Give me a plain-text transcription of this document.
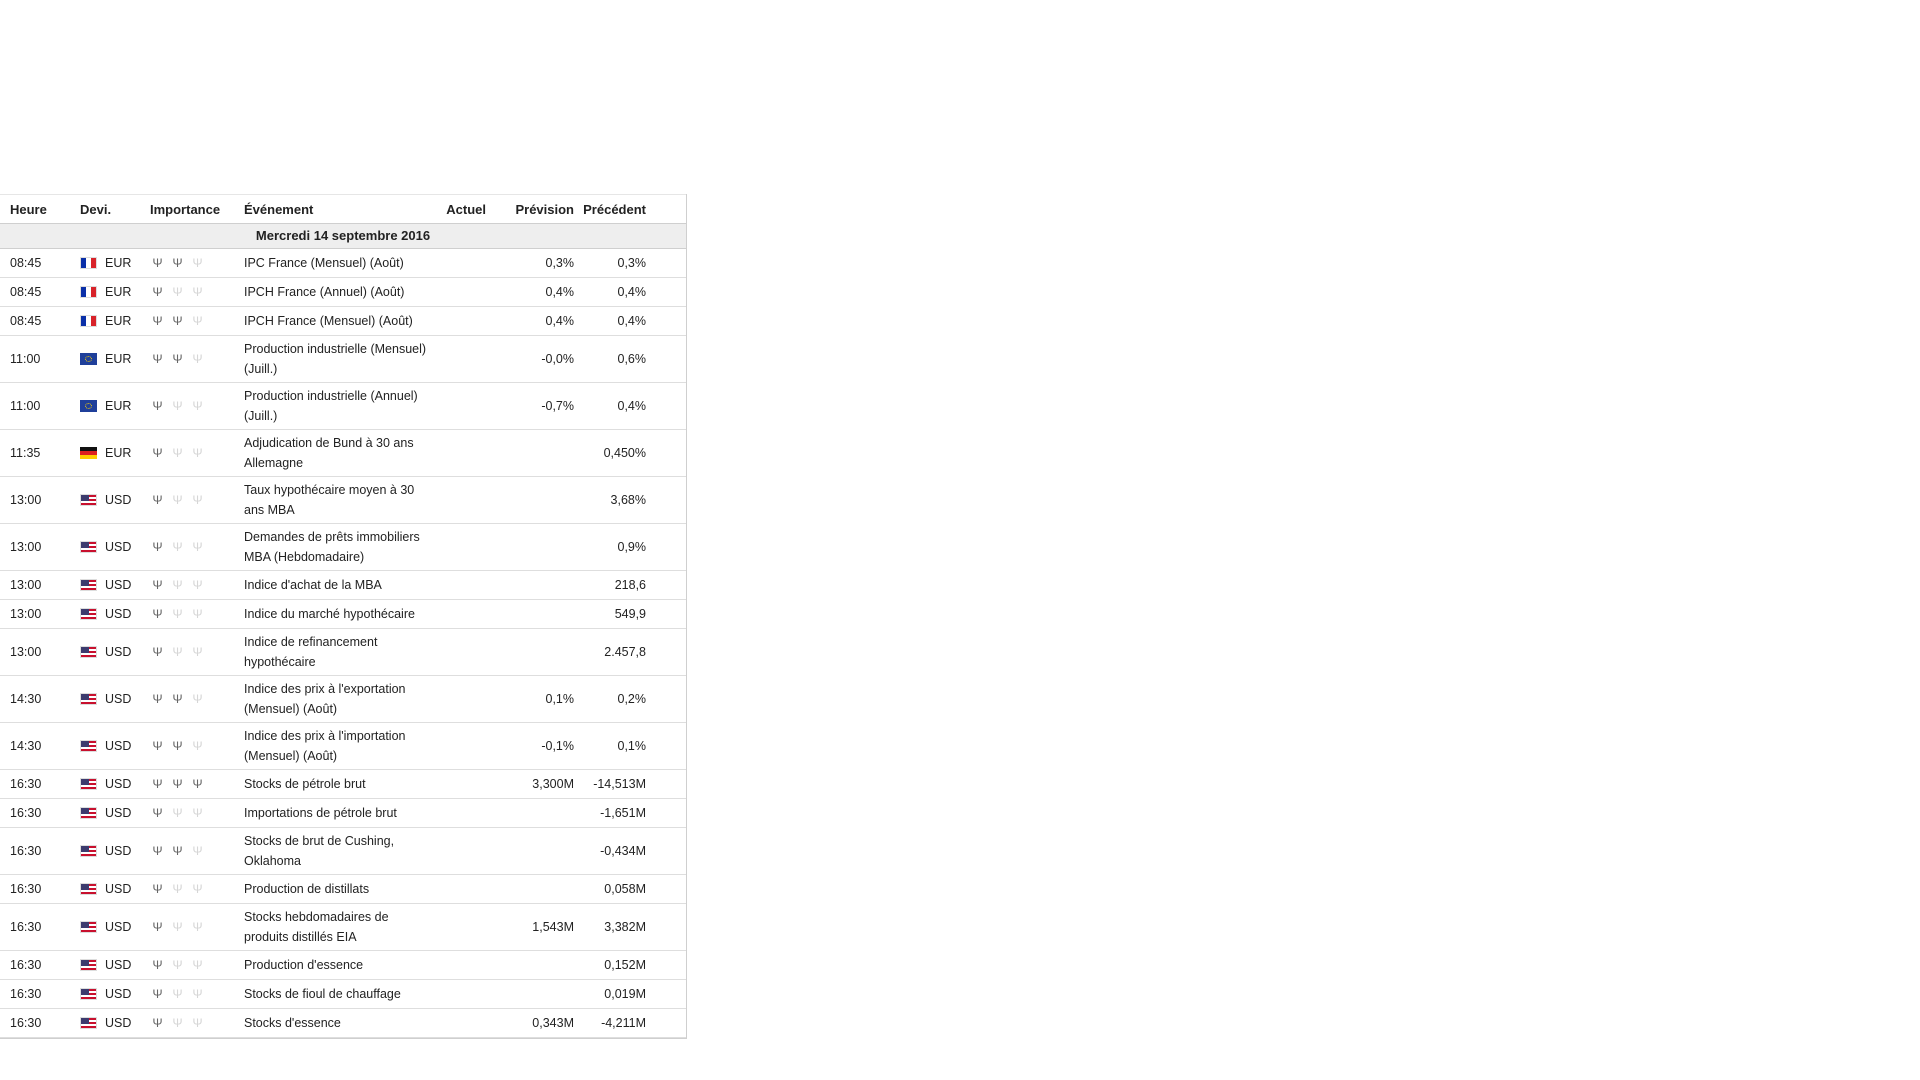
Heure	Devi.	Importance	Événement	Actuel	Prévision	Précédent
Mercredi 14 septembre 2016						
08:45	EUR	Ψ Ψ Ψ	IPC France (Mensuel) (Août)		0,3%	0,3%
08:45	EUR	Ψ Ψ Ψ	IPCH France (Annuel) (Août)		0,4%	0,4%
08:45	EUR	Ψ Ψ Ψ	IPCH France (Mensuel) (Août)		0,4%	0,4%
11:00	EUR	Ψ Ψ Ψ	Production industrielle (Mensuel) (Juill.)		-0,0%	0,6%
11:00	EUR	Ψ Ψ Ψ	Production industrielle (Annuel) (Juill.)		-0,7%	0,4%
11:35	EUR	Ψ Ψ Ψ	Adjudication de Bund à 30 ans Allemagne			0,450%
13:00	USD	Ψ Ψ Ψ	Taux hypothécaire moyen à 30 ans MBA			3,68%
13:00	USD	Ψ Ψ Ψ	Demandes de prêts immobiliers MBA (Hebdomadaire)			0,9%
13:00	USD	Ψ Ψ Ψ	Indice d'achat de la MBA			218,6
13:00	USD	Ψ Ψ Ψ	Indice du marché hypothécaire			549,9
13:00	USD	Ψ Ψ Ψ	Indice de refinancement hypothécaire			2.457,8
14:30	USD	Ψ Ψ Ψ	Indice des prix à l'exportation (Mensuel) (Août)		0,1%	0,2%
14:30	USD	Ψ Ψ Ψ	Indice des prix à l'importation (Mensuel) (Août)		-0,1%	0,1%
16:30	USD	Ψ Ψ Ψ	Stocks de pétrole brut		3,300M	-14,513M
16:30	USD	Ψ Ψ Ψ	Importations de pétrole brut			-1,651M
16:30	USD	Ψ Ψ Ψ	Stocks de brut de Cushing, Oklahoma			-0,434M
16:30	USD	Ψ Ψ Ψ	Production de distillats			0,058M
16:30	USD	Ψ Ψ Ψ	Stocks hebdomadaires de produits distillés EIA		1,543M	3,382M
16:30	USD	Ψ Ψ Ψ	Production d'essence			0,152M
16:30	USD	Ψ Ψ Ψ	Stocks de fioul de chauffage			0,019M
16:30	USD	Ψ Ψ Ψ	Stocks d'essence		0,343M	-4,211M
